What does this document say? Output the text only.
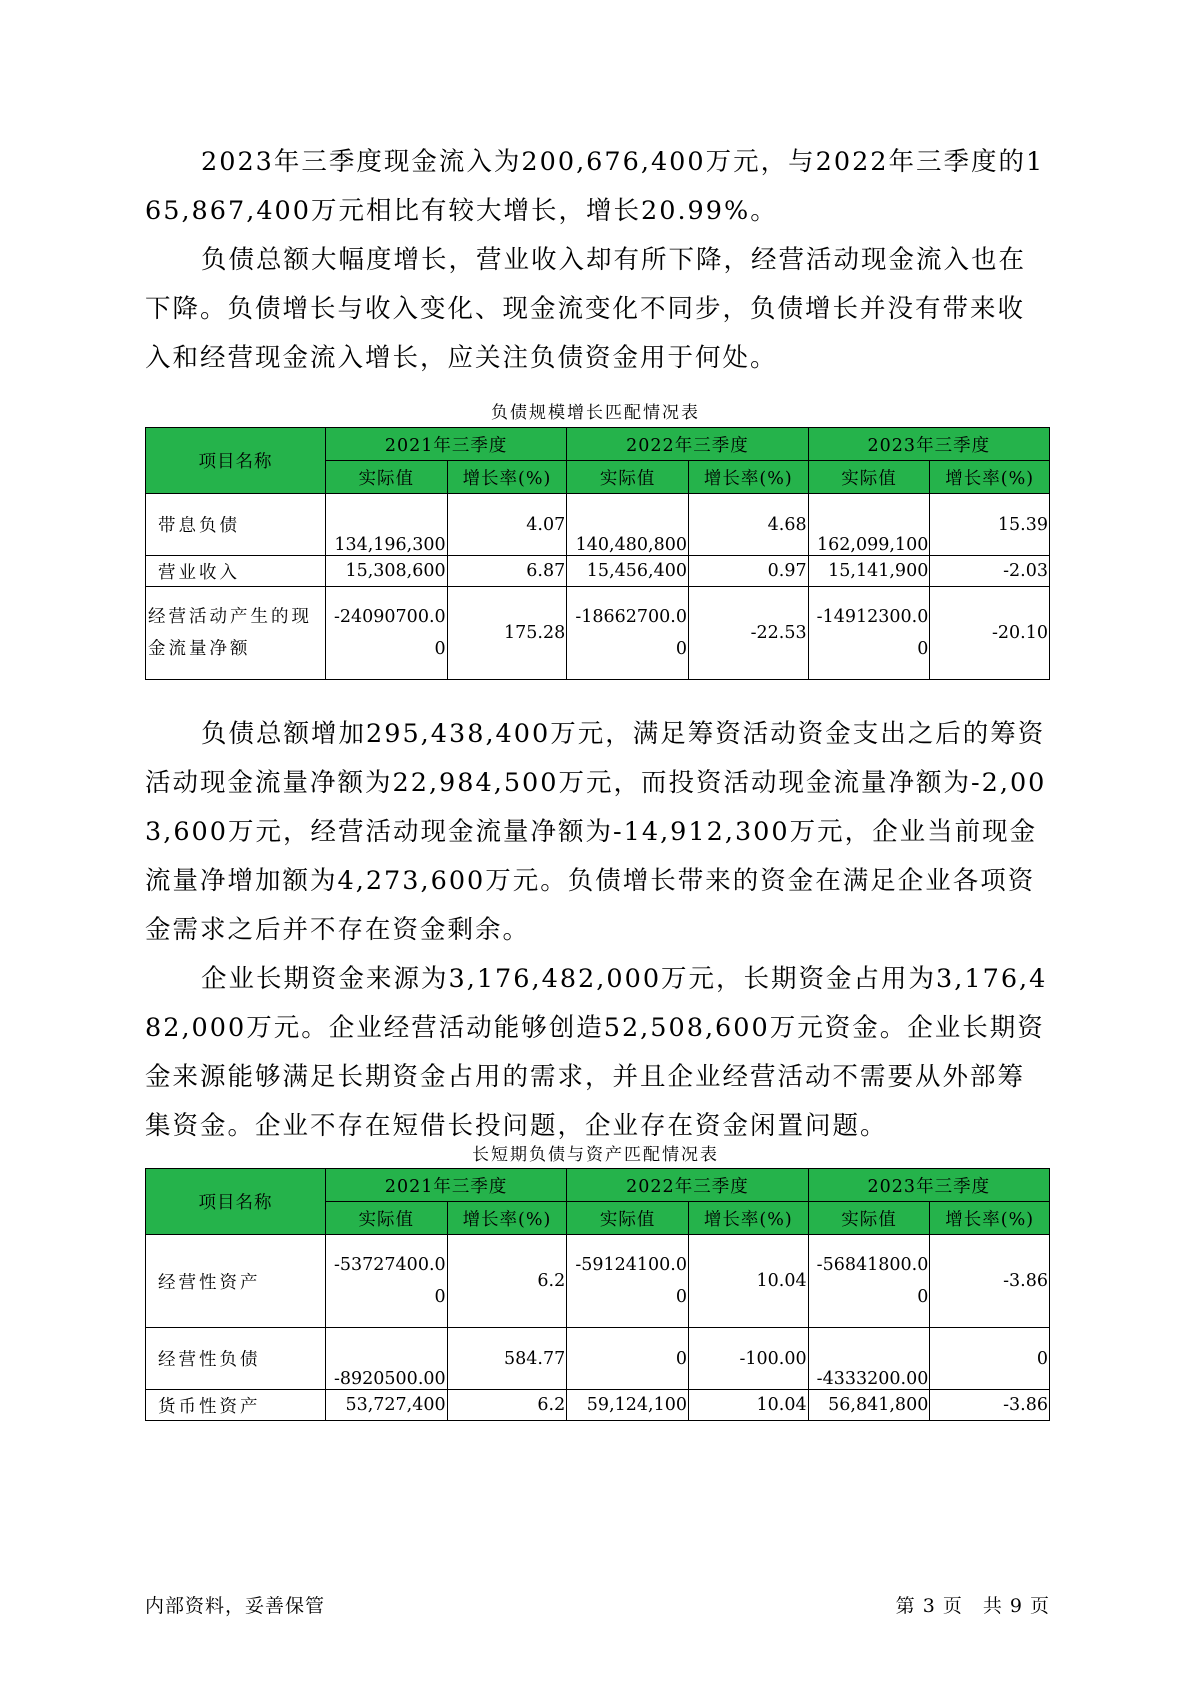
2023年三季度现金流入为200,676,400万元，与2022年三季度的165,867,400万元相比有较大增长，增长20.99%。

负债总额大幅度增长，营业收入却有所下降，经营活动现金流入也在下降。负债增长与收入变化、现金流变化不同步，负债增长并没有带来收入和经营现金流入增长，应关注负债资金用于何处。

负债规模增长匹配情况表
项目名称	2021年三季度		2022年三季度		2023年三季度	
	实际值	增长率(%)	实际值	增长率(%)	实际值	增长率(%)
带息负债	134,196,300	4.07	140,480,800	4.68	162,099,100	15.39
营业收入	15,308,600	6.87	15,456,400	0.97	15,141,900	-2.03
经营活动产生的现金流量净额	-24090700.00	175.28	-18662700.00	-22.53	-14912300.00	-20.10

负债总额增加295,438,400万元，满足筹资活动资金支出之后的筹资活动现金流量净额为22,984,500万元，而投资活动现金流量净额为-2,003,600万元，经营活动现金流量净额为-14,912,300万元，企业当前现金流量净增加额为4,273,600万元。负债增长带来的资金在满足企业各项资金需求之后并不存在资金剩余。

企业长期资金来源为3,176,482,000万元，长期资金占用为3,176,482,000万元。企业经营活动能够创造52,508,600万元资金。企业长期资金来源能够满足长期资金占用的需求，并且企业经营活动不需要从外部筹集资金。企业不存在短借长投问题，企业存在资金闲置问题。

长短期负债与资产匹配情况表
项目名称	2021年三季度		2022年三季度		2023年三季度	
	实际值	增长率(%)	实际值	增长率(%)	实际值	增长率(%)
经营性资产	-53727400.00	6.2	-59124100.00	10.04	-56841800.00	-3.86
经营性负债	-8920500.00	584.77	0	-100.00	-4333200.00	0
货币性资产	53,727,400	6.2	59,124,100	10.04	56,841,800	-3.86
内部资料，妥善保管	第 3 页　共 9 页
